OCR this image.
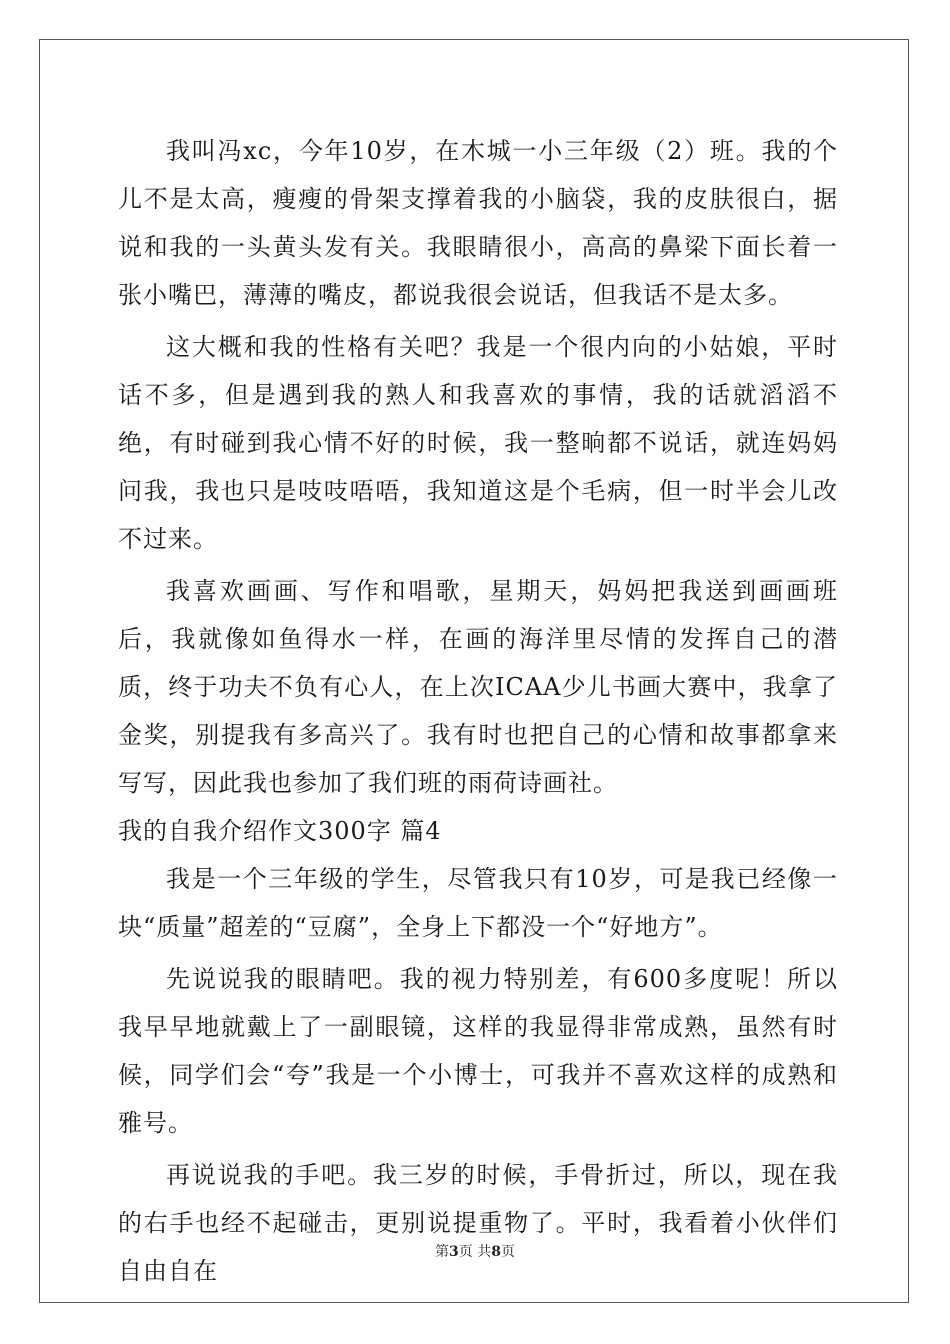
我叫冯xc，今年10岁，在木城一小三年级（2）班。我的个儿不是太高，瘦瘦的骨架支撑着我的小脑袋，我的皮肤很白，据说和我的一头黄头发有关。我眼睛很小，高高的鼻梁下面长着一张小嘴巴，薄薄的嘴皮，都说我很会说话，但我话不是太多。

这大概和我的性格有关吧？我是一个很内向的小姑娘，平时话不多，但是遇到我的熟人和我喜欢的事情，我的话就滔滔不绝，有时碰到我心情不好的时候，我一整晌都不说话，就连妈妈问我，我也只是吱吱唔唔，我知道这是个毛病，但一时半会儿改不过来。

我喜欢画画、写作和唱歌，星期天，妈妈把我送到画画班后，我就像如鱼得水一样，在画的海洋里尽情的发挥自己的潜质，终于功夫不负有心人，在上次ICAA少儿书画大赛中，我拿了金奖，别提我有多高兴了。我有时也把自己的心情和故事都拿来写写，因此我也参加了我们班的雨荷诗画社。

我的自我介绍作文300字 篇4

我是一个三年级的学生，尽管我只有10岁，可是我已经像一块“质量”超差的“豆腐”，全身上下都没一个“好地方”。

先说说我的眼睛吧。我的视力特别差，有600多度呢！所以我早早地就戴上了一副眼镜，这样的我显得非常成熟，虽然有时候，同学们会“夸”我是一个小博士，可我并不喜欢这样的成熟和雅号。

再说说我的手吧。我三岁的时候，手骨折过，所以，现在我的右手也经不起碰击，更别说提重物了。平时，我看着小伙伴们自由自在

第3页 共8页
